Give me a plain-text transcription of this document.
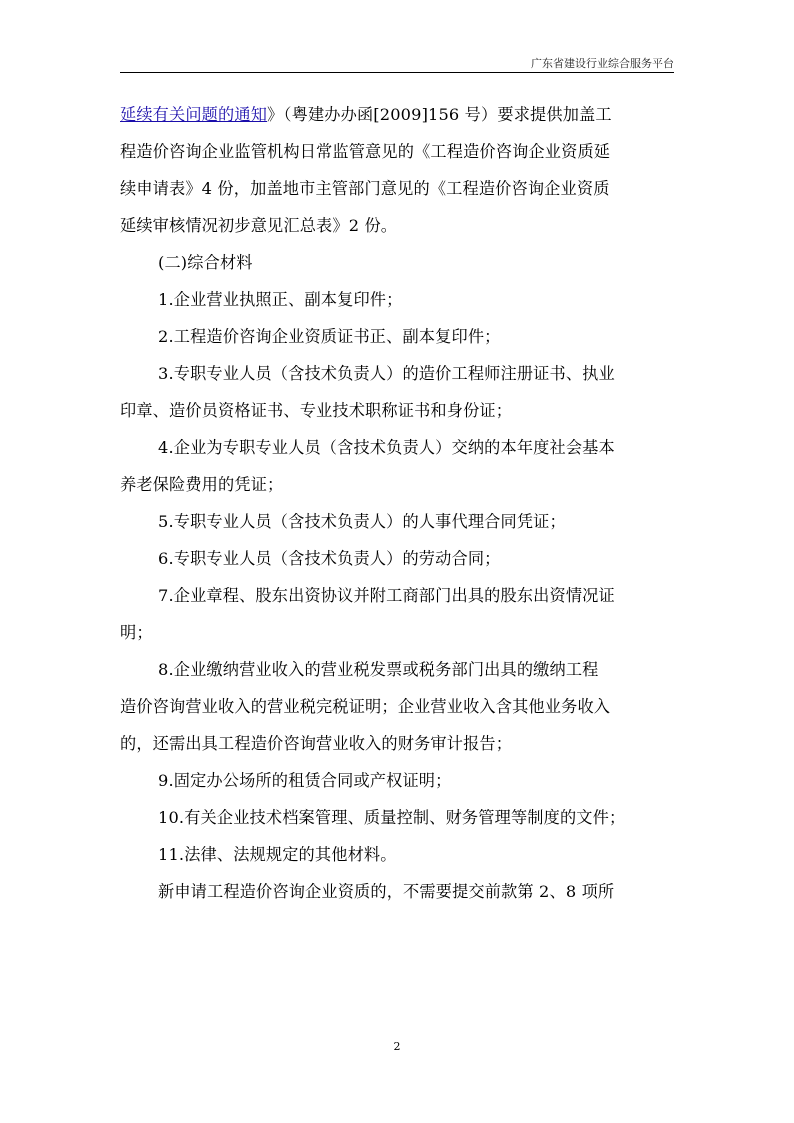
广东省建设行业综合服务平台
延续有关问题的通知》（粤建办办函[2009]156 号）要求提供加盖工
程造价咨询企业监管机构日常监管意见的《工程造价咨询企业资质延
续申请表》4 份，加盖地市主管部门意见的《工程造价咨询企业资质
延续审核情况初步意见汇总表》2 份。
(二)综合材料
1.企业营业执照正、副本复印件；
2.工程造价咨询企业资质证书正、副本复印件；
3.专职专业人员（含技术负责人）的造价工程师注册证书、执业
印章、造价员资格证书、专业技术职称证书和身份证；
4.企业为专职专业人员（含技术负责人）交纳的本年度社会基本
养老保险费用的凭证；
5.专职专业人员（含技术负责人）的人事代理合同凭证；
6.专职专业人员（含技术负责人）的劳动合同；
7.企业章程、股东出资协议并附工商部门出具的股东出资情况证
明；
8.企业缴纳营业收入的营业税发票或税务部门出具的缴纳工程
造价咨询营业收入的营业税完税证明；企业营业收入含其他业务收入
的，还需出具工程造价咨询营业收入的财务审计报告；
9.固定办公场所的租赁合同或产权证明；
10.有关企业技术档案管理、质量控制、财务管理等制度的文件；
11.法律、法规规定的其他材料。
新申请工程造价咨询企业资质的，不需要提交前款第 2、8 项所
2
